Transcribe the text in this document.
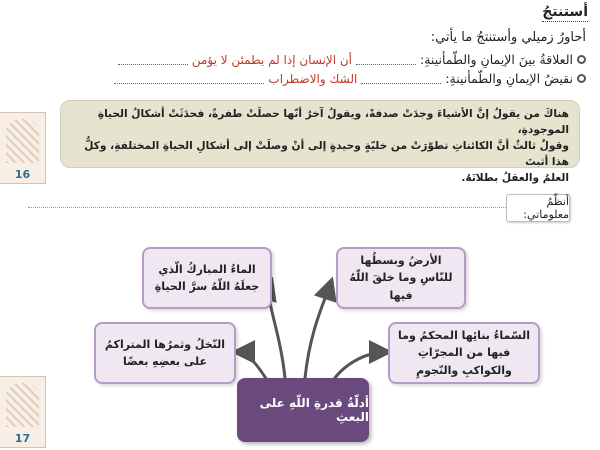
أستنتجُ
أحاورُ زميلي وأستنتجُ ما يأتي:
العلاقةُ بينَ الإيمانِ والطّمأنينةِ:
أن الإنسان إذا لم يطمئن لا يؤمن
نقيضُ الإيمانِ والطّمأنينةِ:
الشك والاضطراب
16
17

هناكَ من يقولُ إنَّ الأشياءَ وجدَتْ صدفةً، ويقولُ آخرُ أنّها حصلَتْ طفرةً، فحدَثَتْ أشكالُ الحياةِ الموجودةِ،

وقولٌ ثالثٌ أنَّ الكائناتِ تطوّرَتْ من خليّةٍ وحيدةٍ إلى أنْ وصلَتْ إلى أشكالِ الحياةِ المختلفةِ، وكلُّ هذا أثبتَ

العلمُ والعقلُ بطلانَهُ.

أنظّمُ معلوماتي:
الماءُ المباركُ الّذي جعلَهُ اللّهُ سرَّ الحياةِ
الأرضُ وبسطُها للنّاسِ وما خلقَ اللّهُ فيها
النّخلُ وثمرُها المتراكمُ على بعضِهِ بعضًا
السّماءُ بنائِها المحكمُ وما فيها من المجرّاتِ والكواكبِ والنّجومِ
أدلّةُ قدرةِ اللّهِ على البعثِ
